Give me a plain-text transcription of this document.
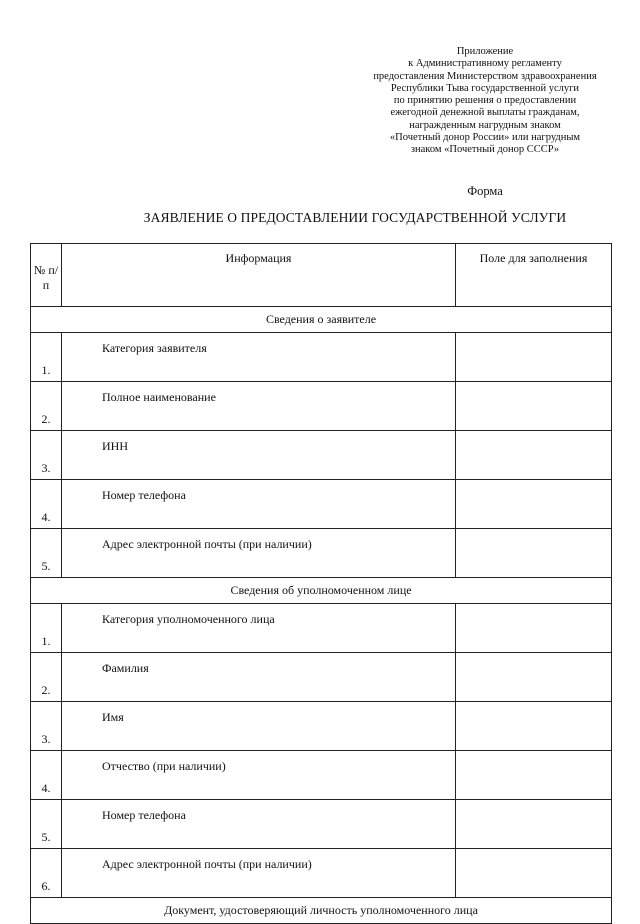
Приложение
к Административному регламенту
предоставления Министерством здравоохранения
Республики Тыва государственной услуги
по принятию решения о предоставлении
ежегодной денежной выплаты гражданам,
награжденным нагрудным знаком
«Почетный донор России» или нагрудным
знаком «Почетный донор СССР»
Форма
ЗАЯВЛЕНИЕ О ПРЕДОСТАВЛЕНИИ ГОСУДАРСТВЕННОЙ УСЛУГИ
№ п/п	Информация	Поле для заполнения
Сведения о заявителе		
1.	Категория заявителя	
2.	Полное наименование	
3.	ИНН	
4.	Номер телефона	
5.	Адрес электронной почты (при наличии)	
Сведения об уполномоченном лице		
1.	Категория уполномоченного лица	
2.	Фамилия	
3.	Имя	
4.	Отчество (при наличии)	
5.	Номер телефона	
6.	Адрес электронной почты (при наличии)	
Документ, удостоверяющий личность уполномоченного лица		
